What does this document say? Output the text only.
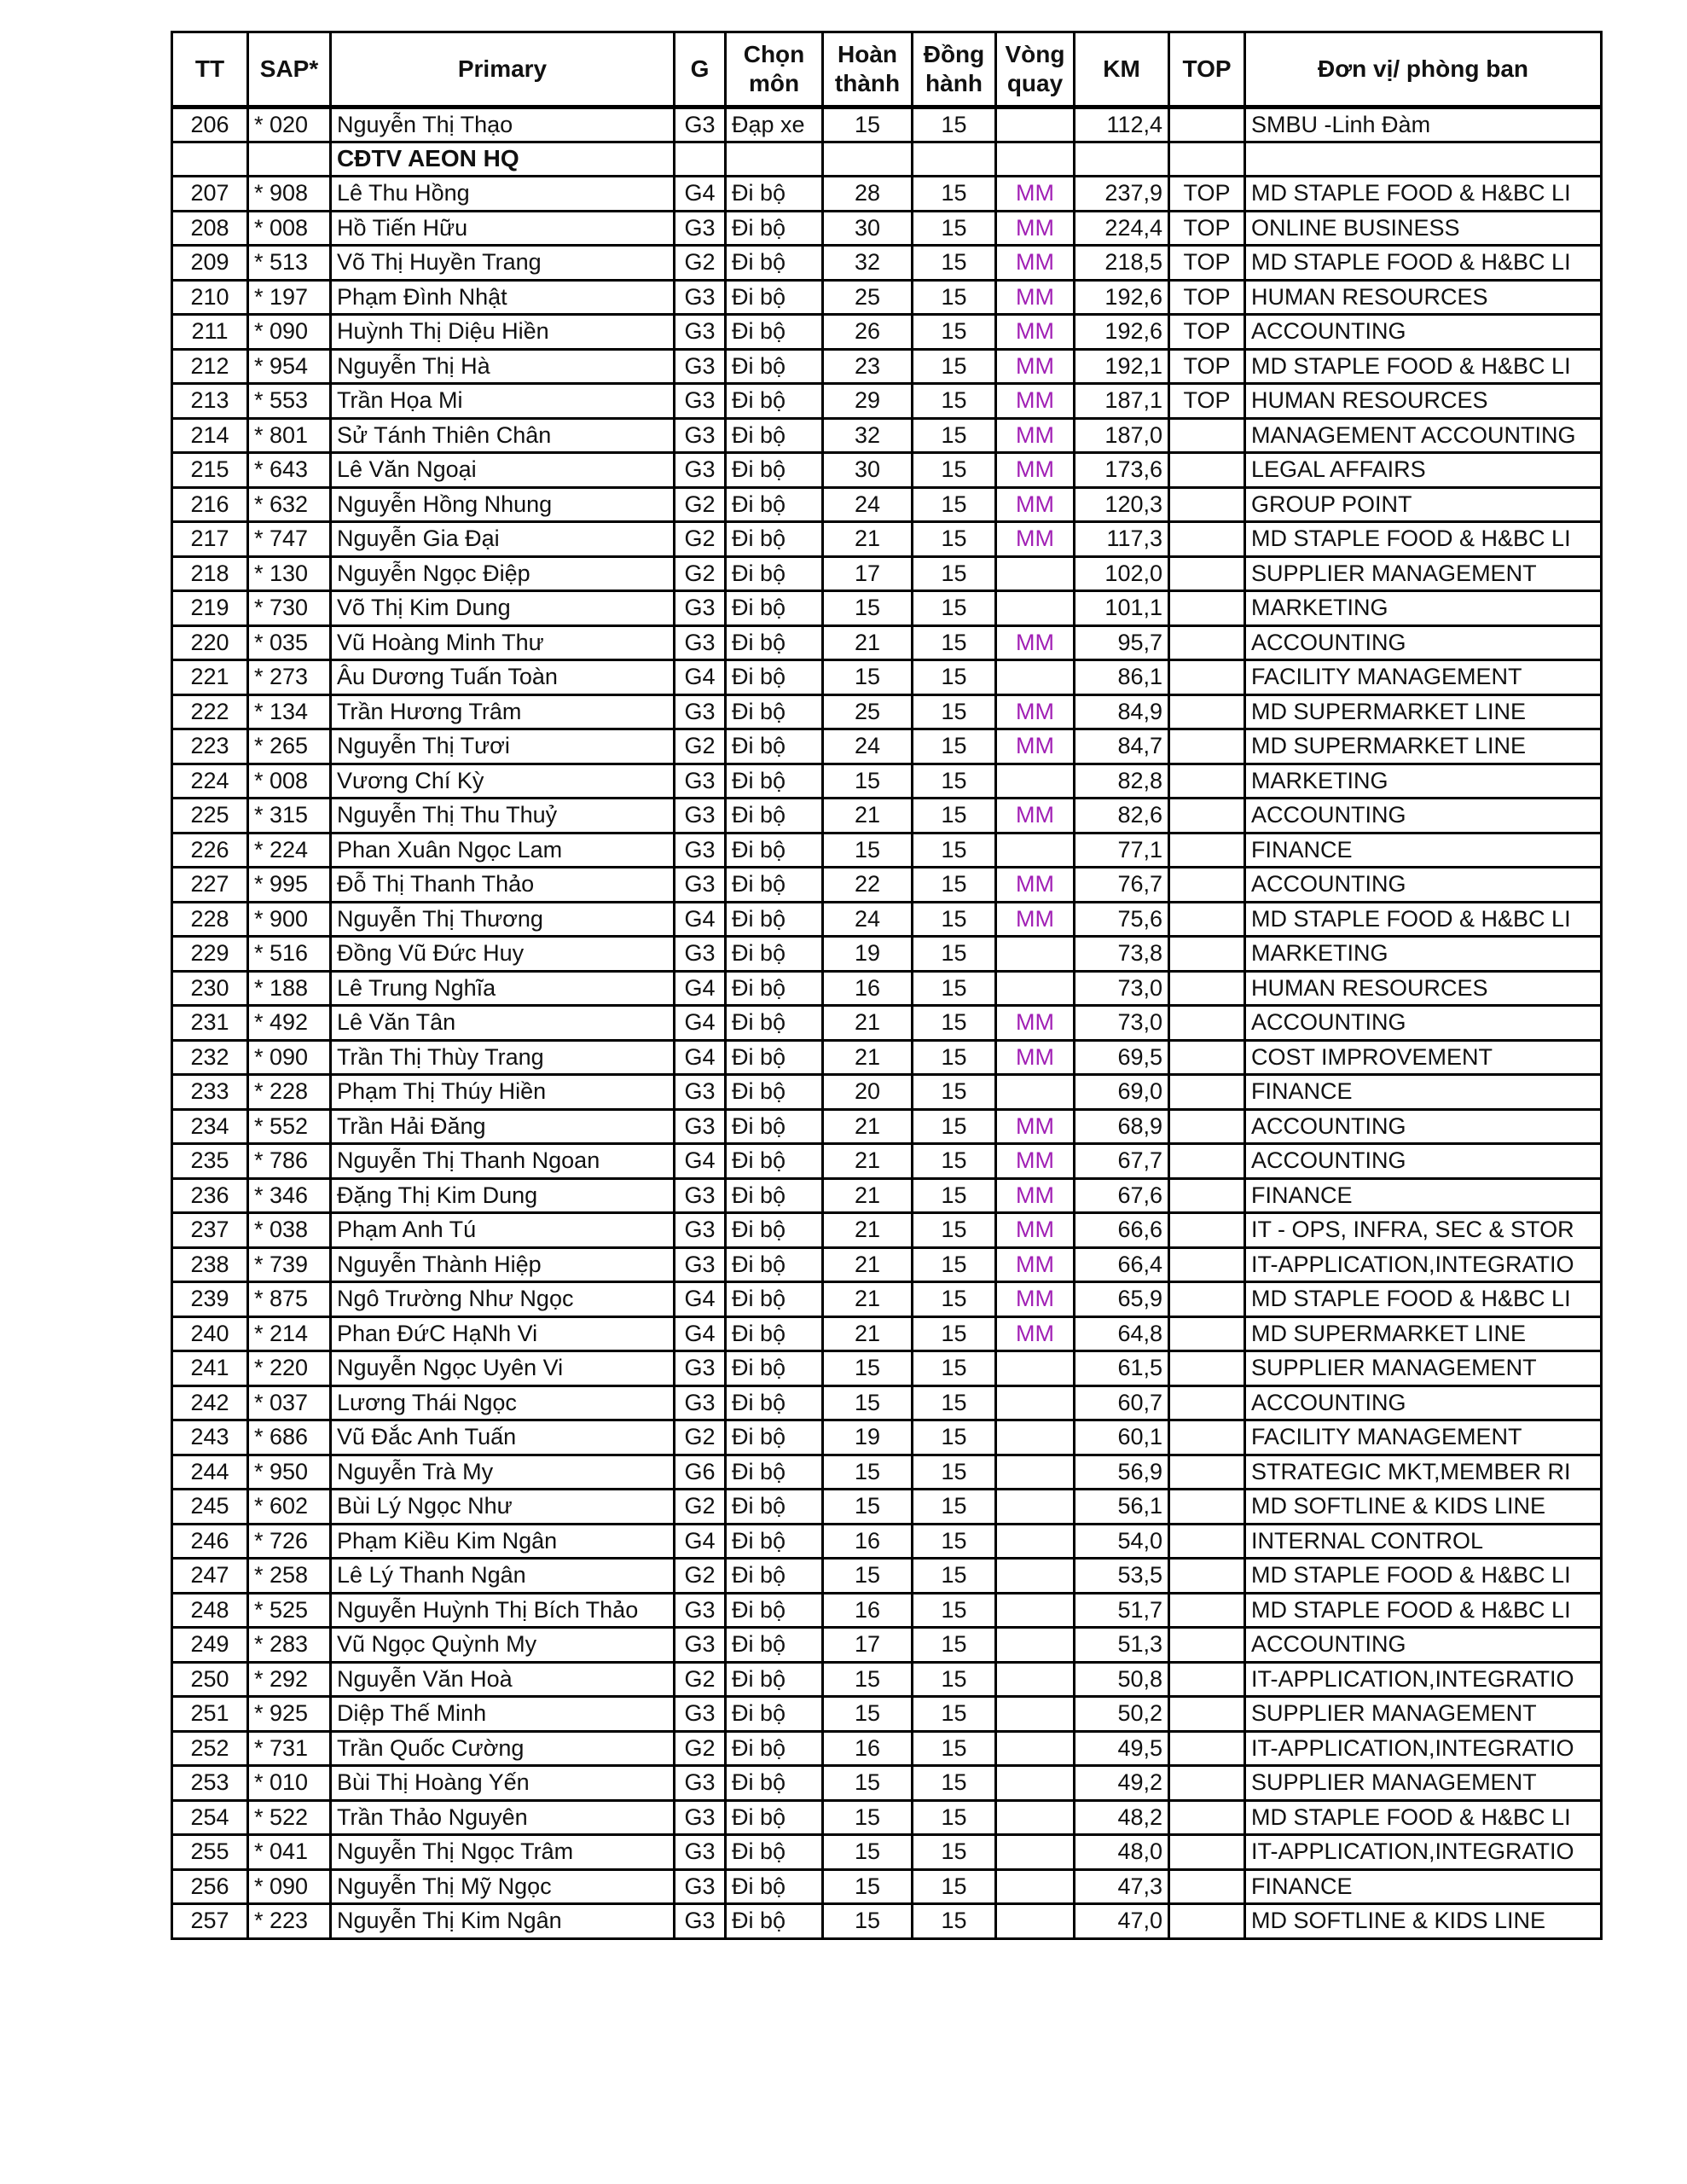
TT	SAP*	Primary	G	Chọn môn	Hoàn thành	Đồng hành	Vòng quay	KM	TOP	Đơn vị/ phòng ban
206	* 020	Nguyễn Thị Thạo	G3	Đạp xe	15	15		112,4		SMBU -Linh Đàm
		CĐTV AEON HQ								
207	* 908	Lê Thu Hồng	G4	Đi bộ	28	15	MM	237,9	TOP	MD STAPLE FOOD & H&BC LI
208	* 008	Hồ Tiến Hữu	G3	Đi bộ	30	15	MM	224,4	TOP	ONLINE BUSINESS
209	* 513	Võ Thị Huyền Trang	G2	Đi bộ	32	15	MM	218,5	TOP	MD STAPLE FOOD & H&BC LI
210	* 197	Phạm Đình Nhật	G3	Đi bộ	25	15	MM	192,6	TOP	HUMAN RESOURCES
211	* 090	Huỳnh Thị Diệu Hiền	G3	Đi bộ	26	15	MM	192,6	TOP	ACCOUNTING
212	* 954	Nguyễn Thị Hà	G3	Đi bộ	23	15	MM	192,1	TOP	MD STAPLE FOOD & H&BC LI
213	* 553	Trần Họa Mi	G3	Đi bộ	29	15	MM	187,1	TOP	HUMAN RESOURCES
214	* 801	Sử Tánh Thiên Chân	G3	Đi bộ	32	15	MM	187,0		MANAGEMENT ACCOUNTING
215	* 643	Lê Văn Ngoại	G3	Đi bộ	30	15	MM	173,6		LEGAL AFFAIRS
216	* 632	Nguyễn Hồng Nhung	G2	Đi bộ	24	15	MM	120,3		GROUP POINT
217	* 747	Nguyễn Gia Đại	G2	Đi bộ	21	15	MM	117,3		MD STAPLE FOOD & H&BC LI
218	* 130	Nguyễn Ngọc Điệp	G2	Đi bộ	17	15		102,0		SUPPLIER MANAGEMENT
219	* 730	Võ Thị Kim Dung	G3	Đi bộ	15	15		101,1		MARKETING
220	* 035	Vũ Hoàng Minh Thư	G3	Đi bộ	21	15	MM	95,7		ACCOUNTING
221	* 273	Âu Dương Tuấn Toàn	G4	Đi bộ	15	15		86,1		FACILITY MANAGEMENT
222	* 134	Trần Hương Trâm	G3	Đi bộ	25	15	MM	84,9		MD SUPERMARKET LINE
223	* 265	Nguyễn Thị Tươi	G2	Đi bộ	24	15	MM	84,7		MD SUPERMARKET LINE
224	* 008	Vương Chí Kỳ	G3	Đi bộ	15	15		82,8		MARKETING
225	* 315	Nguyễn Thị Thu Thuỷ	G3	Đi bộ	21	15	MM	82,6		ACCOUNTING
226	* 224	Phan Xuân Ngọc Lam	G3	Đi bộ	15	15		77,1		FINANCE
227	* 995	Đỗ Thị Thanh Thảo	G3	Đi bộ	22	15	MM	76,7		ACCOUNTING
228	* 900	Nguyễn Thị Thương	G4	Đi bộ	24	15	MM	75,6		MD STAPLE FOOD & H&BC LI
229	* 516	Đồng Vũ Đức Huy	G3	Đi bộ	19	15		73,8		MARKETING
230	* 188	Lê Trung Nghĩa	G4	Đi bộ	16	15		73,0		HUMAN RESOURCES
231	* 492	Lê Văn Tân	G4	Đi bộ	21	15	MM	73,0		ACCOUNTING
232	* 090	Trần Thị Thùy Trang	G4	Đi bộ	21	15	MM	69,5		COST IMPROVEMENT
233	* 228	Phạm Thị Thúy Hiền	G3	Đi bộ	20	15		69,0		FINANCE
234	* 552	Trần Hải Đăng	G3	Đi bộ	21	15	MM	68,9		ACCOUNTING
235	* 786	Nguyễn Thị Thanh Ngoan	G4	Đi bộ	21	15	MM	67,7		ACCOUNTING
236	* 346	Đặng Thị Kim Dung	G3	Đi bộ	21	15	MM	67,6		FINANCE
237	* 038	Phạm Anh Tú	G3	Đi bộ	21	15	MM	66,6		IT - OPS, INFRA, SEC & STOR
238	* 739	Nguyễn Thành Hiệp	G3	Đi bộ	21	15	MM	66,4		IT-APPLICATION,INTEGRATIO
239	* 875	Ngô Trường Như Ngọc	G4	Đi bộ	21	15	MM	65,9		MD STAPLE FOOD & H&BC LI
240	* 214	Phan ĐứC HạNh Vi	G4	Đi bộ	21	15	MM	64,8		MD SUPERMARKET LINE
241	* 220	Nguyễn Ngọc Uyên Vi	G3	Đi bộ	15	15		61,5		SUPPLIER MANAGEMENT
242	* 037	Lương Thái Ngọc	G3	Đi bộ	15	15		60,7		ACCOUNTING
243	* 686	Vũ Đắc Anh Tuấn	G2	Đi bộ	19	15		60,1		FACILITY MANAGEMENT
244	* 950	Nguyễn Trà My	G6	Đi bộ	15	15		56,9		STRATEGIC MKT,MEMBER RI
245	* 602	Bùi Lý Ngọc Như	G2	Đi bộ	15	15		56,1		MD SOFTLINE & KIDS LINE
246	* 726	Phạm Kiều Kim Ngân	G4	Đi bộ	16	15		54,0		INTERNAL CONTROL
247	* 258	Lê Lý Thanh Ngân	G2	Đi bộ	15	15		53,5		MD STAPLE FOOD & H&BC LI
248	* 525	Nguyễn Huỳnh Thị Bích Thảo	G3	Đi bộ	16	15		51,7		MD STAPLE FOOD & H&BC LI
249	* 283	Vũ Ngọc Quỳnh My	G3	Đi bộ	17	15		51,3		ACCOUNTING
250	* 292	Nguyễn Văn Hoà	G2	Đi bộ	15	15		50,8		IT-APPLICATION,INTEGRATIO
251	* 925	Diệp Thế Minh	G3	Đi bộ	15	15		50,2		SUPPLIER MANAGEMENT
252	* 731	Trần Quốc Cường	G2	Đi bộ	16	15		49,5		IT-APPLICATION,INTEGRATIO
253	* 010	Bùi Thị Hoàng Yến	G3	Đi bộ	15	15		49,2		SUPPLIER MANAGEMENT
254	* 522	Trần Thảo Nguyên	G3	Đi bộ	15	15		48,2		MD STAPLE FOOD & H&BC LI
255	* 041	Nguyễn Thị Ngọc Trâm	G3	Đi bộ	15	15		48,0		IT-APPLICATION,INTEGRATIO
256	* 090	Nguyễn Thị Mỹ Ngọc	G3	Đi bộ	15	15		47,3		FINANCE
257	* 223	Nguyễn Thị Kim Ngân	G3	Đi bộ	15	15		47,0		MD SOFTLINE & KIDS LINE
